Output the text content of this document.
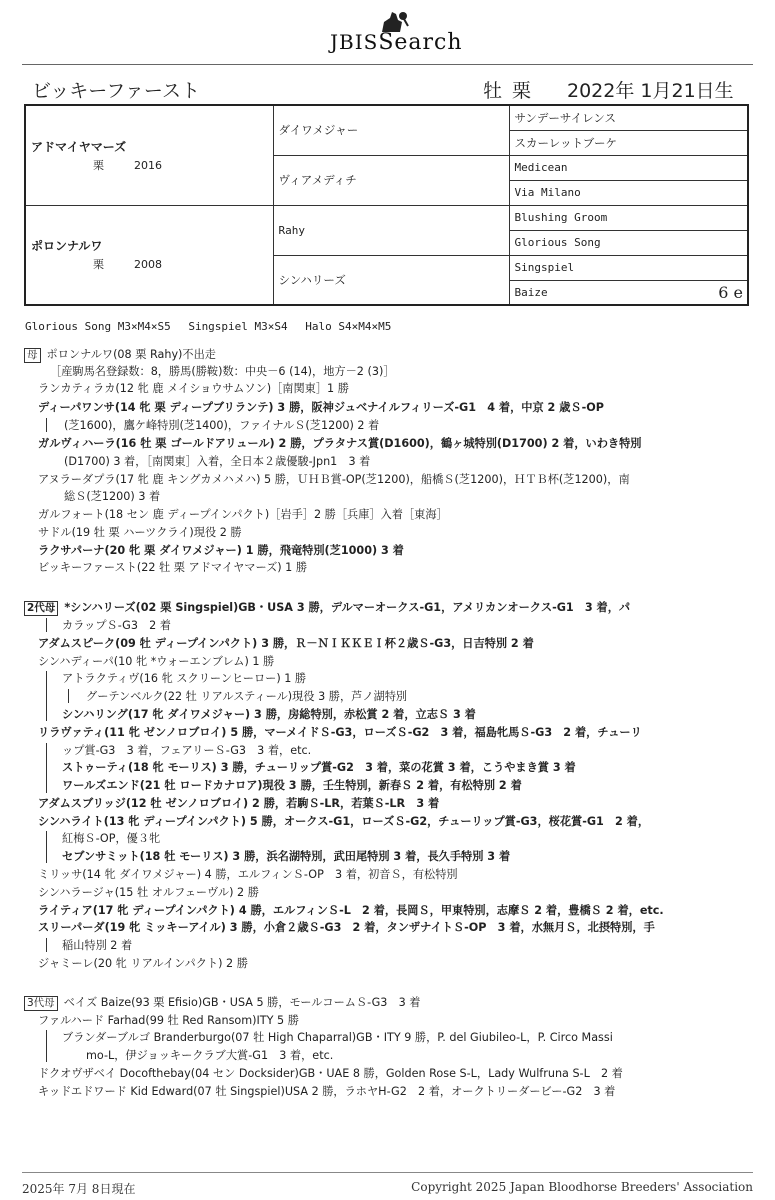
JBISSearch
ビッキーファースト	牡 栗 2022年 1月21日生
アドマイヤマーズ
栗 2016	ダイワメジャー	サンデーサイレンス
		スカーレットブーケ
	ヴィアメディチ	Medicean
		Via Milano
ポロンナルワ
栗 2008	Rahy	Blushing Groom
		Glorious Song
	シンハリーズ	Singspiel
		Baize 6 e
Glorious Song M3×M4×S5　 Singspiel M3×S4　 Halo S4×M4×M5
母 ポロンナルワ(08 栗 Rahy)不出走
［産駒馬名登録数：8，勝馬(勝鞍)数：中央－6 (14)，地方－2 (3)］
ランカティラカ(12 牝 鹿 メイショウサムソン)［南関東］1 勝
ディーパワンサ(14 牝 栗 ディープブリランテ) 3 勝，阪神ジュベナイルフィリーズ-G1　4 着，中京 2 歳Ｓ-OP
(芝1600)，鷹ケ峰特別(芝1400)，ファイナルＳ(芝1200) 2 着
ガルヴィハーラ(16 牡 栗 ゴールドアリュール) 2 勝，プラタナス賞(D1600)，鶴ヶ城特別(D1700) 2 着，いわき特別
(D1700) 3 着，［南関東］入着，全日本２歳優駿-Jpn1　3 着
アヌラーダプラ(17 牝 鹿 キングカメハメハ) 5 勝，ＵＨＢ賞-OP(芝1200)，船橋Ｓ(芝1200)，ＨＴＢ杯(芝1200)，南
総Ｓ(芝1200) 3 着
ガルフォート(18 セン 鹿 ディープインパクト)［岩手］2 勝［兵庫］入着［東海］
サドル(19 牡 栗 ハーツクライ)現役 2 勝
ラクサパーナ(20 牝 栗 ダイワメジャー) 1 勝，飛竜特別(芝1000) 3 着
ビッキーファースト(22 牡 栗 アドマイヤマーズ) 1 勝
2代母 *シンハリーズ(02 栗 Singspiel)GB・USA 3 勝，デルマーオークス-G1，アメリカンオークス-G1　3 着，パ
カラップＳ-G3　2 着
アダムスピーク(09 牡 ディープインパクト) 3 勝，Ｒ－ＮＩＫＫＥＩ杯２歳Ｓ-G3，日吉特別 2 着
シンハディーパ(10 牝 *ウォーエンブレム) 1 勝
アトラクティヴ(16 牝 スクリーンヒーロー) 1 勝
グーテンベルク(22 牡 リアルスティール)現役 3 勝，芦ノ湖特別
シンハリング(17 牝 ダイワメジャー) 3 勝，房総特別，赤松賞 2 着，立志Ｓ 3 着
リラヴァティ(11 牝 ゼンノロブロイ) 5 勝，マーメイドＳ-G3，ローズＳ-G2　3 着，福島牝馬Ｓ-G3　2 着，チューリ
ップ賞-G3　3 着，フェアリーＳ-G3　3 着，etc.
ストゥーティ(18 牝 モーリス) 3 勝，チューリップ賞-G2　3 着，菜の花賞 3 着，こうやまき賞 3 着
ワールズエンド(21 牡 ロードカナロア)現役 3 勝，壬生特別，新春Ｓ 2 着，有松特別 2 着
アダムスブリッジ(12 牡 ゼンノロブロイ) 2 勝，若駒Ｓ-LR，若葉Ｓ-LR　3 着
シンハライト(13 牝 ディープインパクト) 5 勝，オークス-G1，ローズＳ-G2，チューリップ賞-G3，桜花賞-G1　2 着，
紅梅Ｓ-OP，優３牝
セブンサミット(18 牡 モーリス) 3 勝，浜名湖特別，武田尾特別 3 着，長久手特別 3 着
ミリッサ(14 牝 ダイワメジャー) 4 勝，エルフィンＳ-OP　3 着，初音Ｓ，有松特別
シンハラージャ(15 牡 オルフェーヴル) 2 勝
ライティア(17 牝 ディープインパクト) 4 勝，エルフィンＳ-L　2 着，長岡Ｓ，甲東特別，志摩Ｓ 2 着，豊橋Ｓ 2 着，etc.
スリーパーダ(19 牝 ミッキーアイル) 3 勝，小倉２歳Ｓ-G3　2 着，タンザナイトＳ-OP　3 着，水無月Ｓ，北摂特別，手
稲山特別 2 着
ジャミーレ(20 牝 リアルインパクト) 2 勝
3代母 ベイズ Baize(93 栗 Efisio)GB・USA 5 勝，モールコームＳ-G3　3 着
ファルハード Farhad(99 牡 Red Ransom)ITY 5 勝
ブランダーブルゴ Branderburgo(07 牡 High Chaparral)GB・ITY 9 勝，P. del Giubileo-L，P. Circo Massi
mo-L，伊ジョッキークラブ大賞-G1　3 着，etc.
ドクオヴザベイ Docofthebay(04 セン Docksider)GB・UAE 8 勝，Golden Rose S-L，Lady Wulfruna S-L　2 着
キッドエドワード Kid Edward(07 牡 Singspiel)USA 2 勝，ラホヤH-G2　2 着，オークトリーダービー-G2　3 着
2025年 7月 8日現在	Copyright 2025 Japan Bloodhorse Breeders' Association
